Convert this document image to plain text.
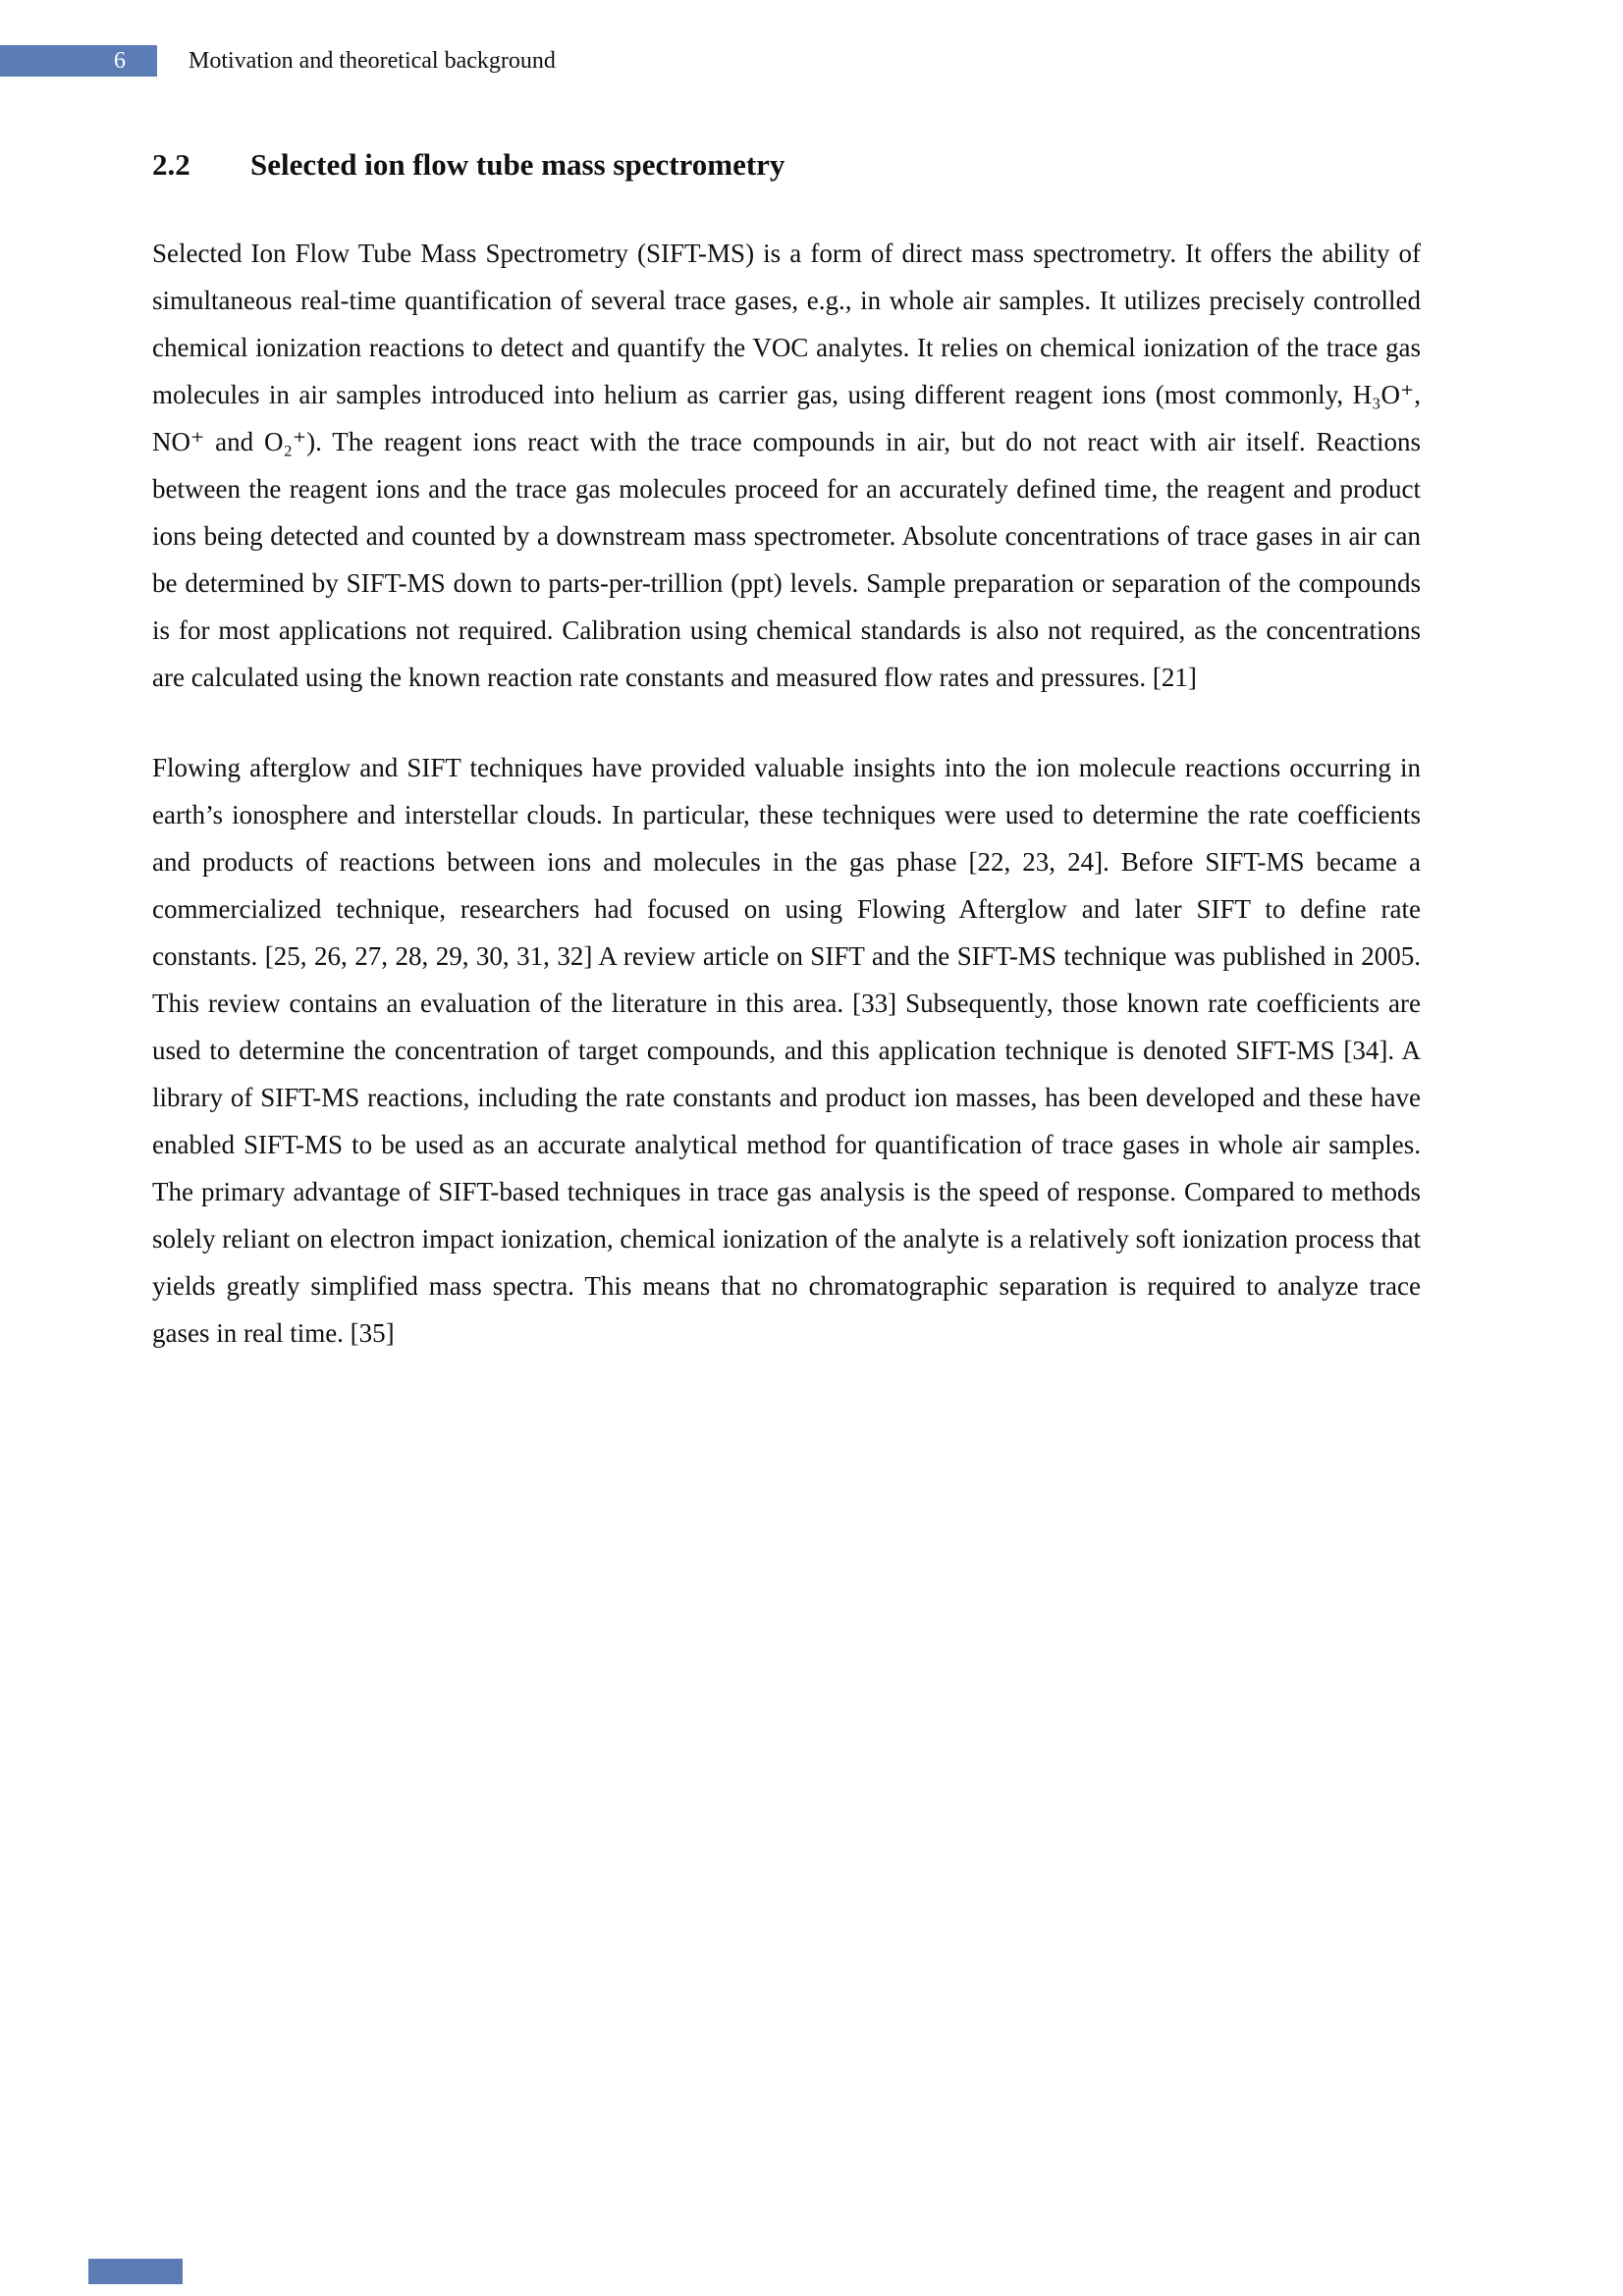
6	Motivation and theoretical background
2.2	Selected ion flow tube mass spectrometry

Selected Ion Flow Tube Mass Spectrometry (SIFT-MS) is a form of direct mass spectrometry. It offers the ability of simultaneous real-time quantification of several trace gases, e.g., in whole air samples. It utilizes precisely controlled chemical ionization reactions to detect and quantify the VOC analytes. It relies on chemical ionization of the trace gas molecules in air samples introduced into helium as carrier gas, using different reagent ions (most commonly, H₃O⁺, NO⁺ and O₂⁺). The reagent ions react with the trace compounds in air, but do not react with air itself. Reactions between the reagent ions and the trace gas molecules proceed for an accurately defined time, the reagent and product ions being detected and counted by a downstream mass spectrometer. Absolute concentrations of trace gases in air can be determined by SIFT-MS down to parts-per-trillion (ppt) levels. Sample preparation or separation of the compounds is for most applications not required. Calibration using chemical standards is also not required, as the concentrations are calculated using the known reaction rate constants and measured flow rates and pressures. [21]

Flowing afterglow and SIFT techniques have provided valuable insights into the ion molecule reactions occurring in earth’s ionosphere and interstellar clouds. In particular, these techniques were used to determine the rate coefficients and products of reactions between ions and molecules in the gas phase [22, 23, 24]. Before SIFT-MS became a commercialized technique, researchers had focused on using Flowing Afterglow and later SIFT to define rate constants. [25, 26, 27, 28, 29, 30, 31, 32] A review article on SIFT and the SIFT-MS technique was published in 2005. This review contains an evaluation of the literature in this area. [33] Subsequently, those known rate coefficients are used to determine the concentration of target compounds, and this application technique is denoted SIFT-MS [34]. A library of SIFT-MS reactions, including the rate constants and product ion masses, has been developed and these have enabled SIFT-MS to be used as an accurate analytical method for quantification of trace gases in whole air samples. The primary advantage of SIFT-based techniques in trace gas analysis is the speed of response. Compared to methods solely reliant on electron impact ionization, chemical ionization of the analyte is a relatively soft ionization process that yields greatly simplified mass spectra. This means that no chromatographic separation is required to analyze trace gases in real time. [35]
